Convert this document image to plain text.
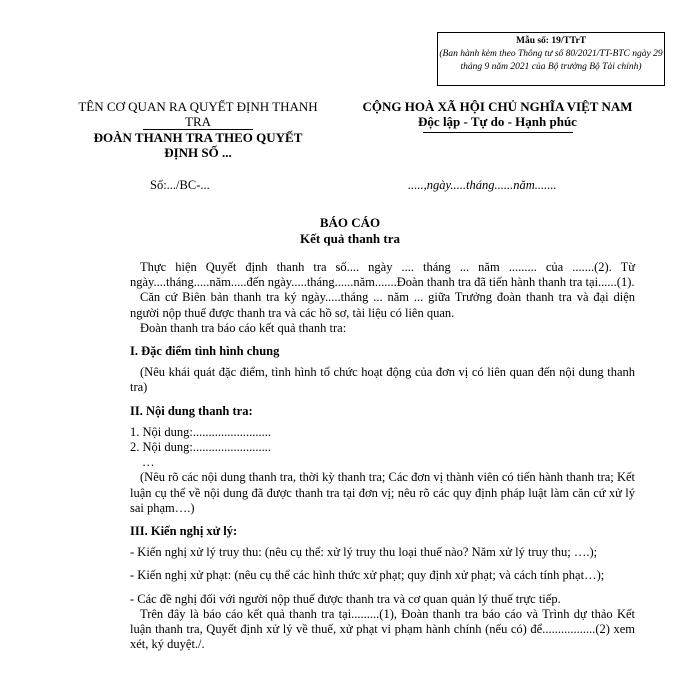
Mẫu số: 19/TTrT
(Ban hành kèm theo Thông tư số 80/2021/TT-BTC ngày 29 tháng 9 năm 2021 của Bộ trưởng Bộ Tài chính)
TÊN CƠ QUAN RA QUYẾT ĐỊNH THANH TRA
ĐOÀN THANH TRA THEO QUYẾT ĐỊNH SỐ ...
CỘNG HOÀ XÃ HỘI CHỦ NGHĨA VIỆT NAM
Độc lập - Tự do - Hạnh phúc
Số:.../BC-...	.....,ngày.....tháng......năm.......
BÁO CÁO
Kết quả thanh tra

Thực hiện Quyết định thanh tra số.... ngày .... tháng ... năm ......... của .......(2). Từ ngày....tháng.....năm.....đến ngày.....tháng......năm.......Đoàn thanh tra đã tiến hành thanh tra tại......(1).

Căn cứ Biên bản thanh tra ký ngày.....tháng ... năm ... giữa Trưởng đoàn thanh tra và đại diện người nộp thuế được thanh tra và các hồ sơ, tài liệu có liên quan.

Đoàn thanh tra báo cáo kết quả thanh tra:

I. Đặc điểm tình hình chung

(Nêu khái quát đặc điểm, tình hình tổ chức hoạt động của đơn vị có liên quan đến nội dung thanh tra)

II. Nội dung thanh tra:

1. Nội dung:.........................

2. Nội dung:.........................

…

(Nêu rõ các nội dung thanh tra, thời kỳ thanh tra; Các đơn vị thành viên có tiến hành thanh tra; Kết luận cụ thể về nội dung đã được thanh tra tại đơn vị; nêu rõ các quy định pháp luật làm căn cứ xử lý sai phạm….)

III. Kiến nghị xử lý:

- Kiến nghị xử lý truy thu: (nêu cụ thể: xử lý truy thu loại thuế nào? Năm xử lý truy thu; ….);

- Kiến nghị xử phạt: (nêu cụ thể các hình thức xử phạt; quy định xử phạt; và cách tính phạt…);

- Các đề nghị đối với người nộp thuế được thanh tra và cơ quan quản lý thuế trực tiếp.

Trên đây là báo cáo kết quả thanh tra tại.........(1), Đoàn thanh tra báo cáo và Trình dự thảo Kết luận thanh tra, Quyết định xử lý về thuế, xử phạt vi phạm hành chính (nếu có) để.................(2) xem xét, ký duyệt./.
